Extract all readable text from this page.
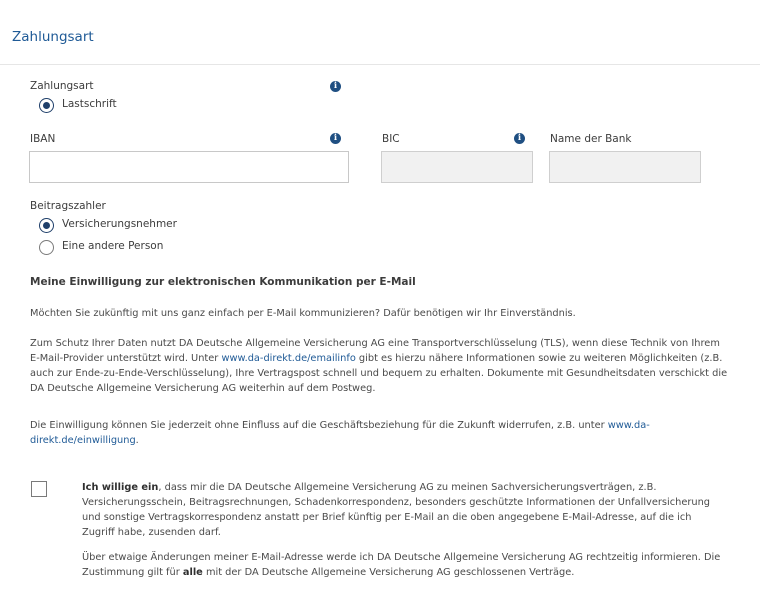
Zahlungsart
Zahlungsart	i
Lastschrift
IBAN	i	BIC	i	Name der Bank
Beitragszahler
Versicherungsnehmer
Eine andere Person
Meine Einwilligung zur elektronischen Kommunikation per E-Mail
Möchten Sie zukünftig mit uns ganz einfach per E-Mail kommunizieren? Dafür benötigen wir Ihr Einverständnis.
Zum Schutz Ihrer Daten nutzt DA Deutsche Allgemeine Versicherung AG eine Transportverschlüsselung (TLS), wenn diese Technik von Ihrem E-Mail-Provider unterstützt wird. Unter www.da-direkt.de/emailinfo gibt es hierzu nähere Informationen sowie zu weiteren Möglichkeiten (z.B. auch zur Ende-zu-Ende-Verschlüsselung), Ihre Vertragspost schnell und bequem zu erhalten. Dokumente mit Gesundheitsdaten verschickt die DA Deutsche Allgemeine Versicherung AG weiterhin auf dem Postweg.
Die Einwilligung können Sie jederzeit ohne Einfluss auf die Geschäftsbeziehung für die Zukunft widerrufen, z.B. unter www.da-direkt.de/einwilligung.
Ich willige ein, dass mir die DA Deutsche Allgemeine Versicherung AG zu meinen Sachversicherungsverträgen, z.B. Versicherungsschein, Beitragsrechnungen, Schadenkorrespondenz, besonders geschützte Informationen der Unfallversicherung und sonstige Vertragskorrespondenz anstatt per Brief künftig per E-Mail an die oben angegebene E-Mail-Adresse, auf die ich Zugriff habe, zusenden darf.
Über etwaige Änderungen meiner E-Mail-Adresse werde ich DA Deutsche Allgemeine Versicherung AG rechtzeitig informieren. Die Zustimmung gilt für alle mit der DA Deutsche Allgemeine Versicherung AG geschlossenen Verträge.
